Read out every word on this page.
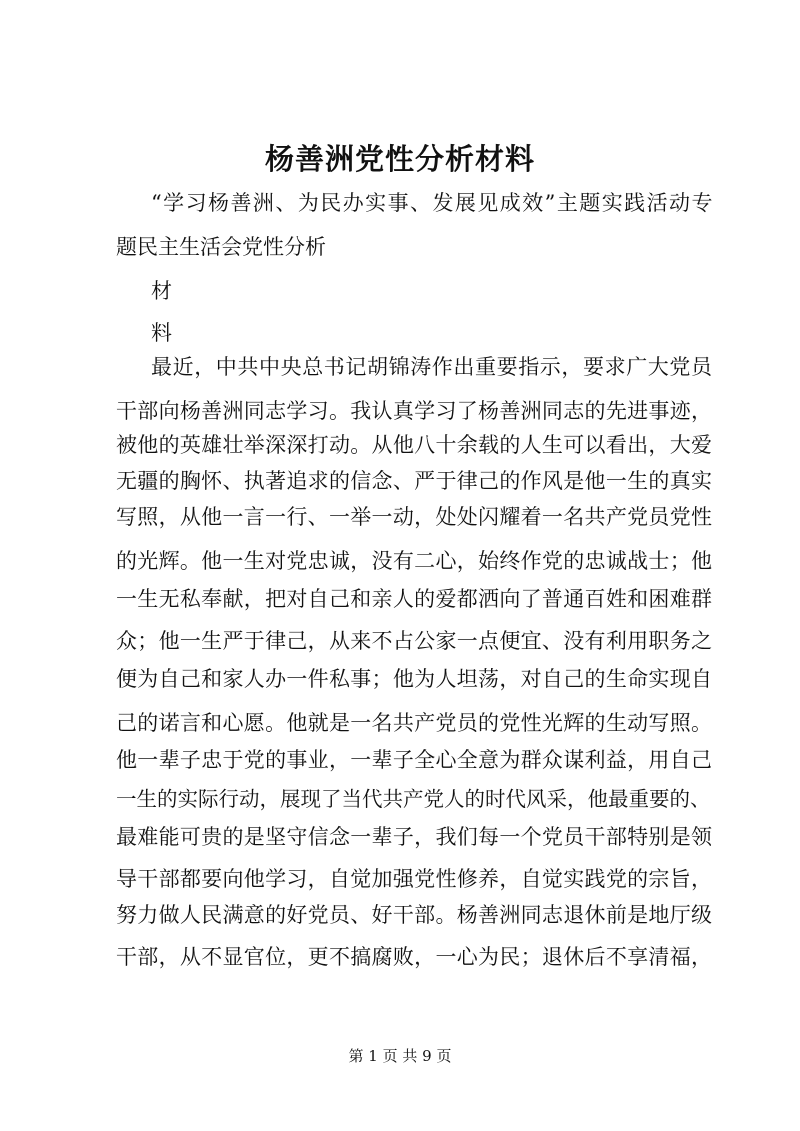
杨善洲党性分析材料
“学习杨善洲、为民办实事、发展见成效”主题实践活动专
题民主生活会党性分析
材
料
最近，中共中央总书记胡锦涛作出重要指示，要求广大党员
干部向杨善洲同志学习。我认真学习了杨善洲同志的先进事迹，
被他的英雄壮举深深打动。从他八十余载的人生可以看出，大爱
无疆的胸怀、执著追求的信念、严于律己的作风是他一生的真实
写照，从他一言一行、一举一动，处处闪耀着一名共产党员党性
的光辉。他一生对党忠诚，没有二心，始终作党的忠诚战士；他
一生无私奉献，把对自己和亲人的爱都洒向了普通百姓和困难群
众；他一生严于律己，从来不占公家一点便宜、没有利用职务之
便为自己和家人办一件私事；他为人坦荡，对自己的生命实现自
己的诺言和心愿。他就是一名共产党员的党性光辉的生动写照。
他一辈子忠于党的事业，一辈子全心全意为群众谋利益，用自己
一生的实际行动，展现了当代共产党人的时代风采，他最重要的、
最难能可贵的是坚守信念一辈子，我们每一个党员干部特别是领
导干部都要向他学习，自觉加强党性修养，自觉实践党的宗旨，
努力做人民满意的好党员、好干部。杨善洲同志退休前是地厅级
干部，从不显官位，更不搞腐败，一心为民；退休后不享清福，
第 1 页 共 9 页
